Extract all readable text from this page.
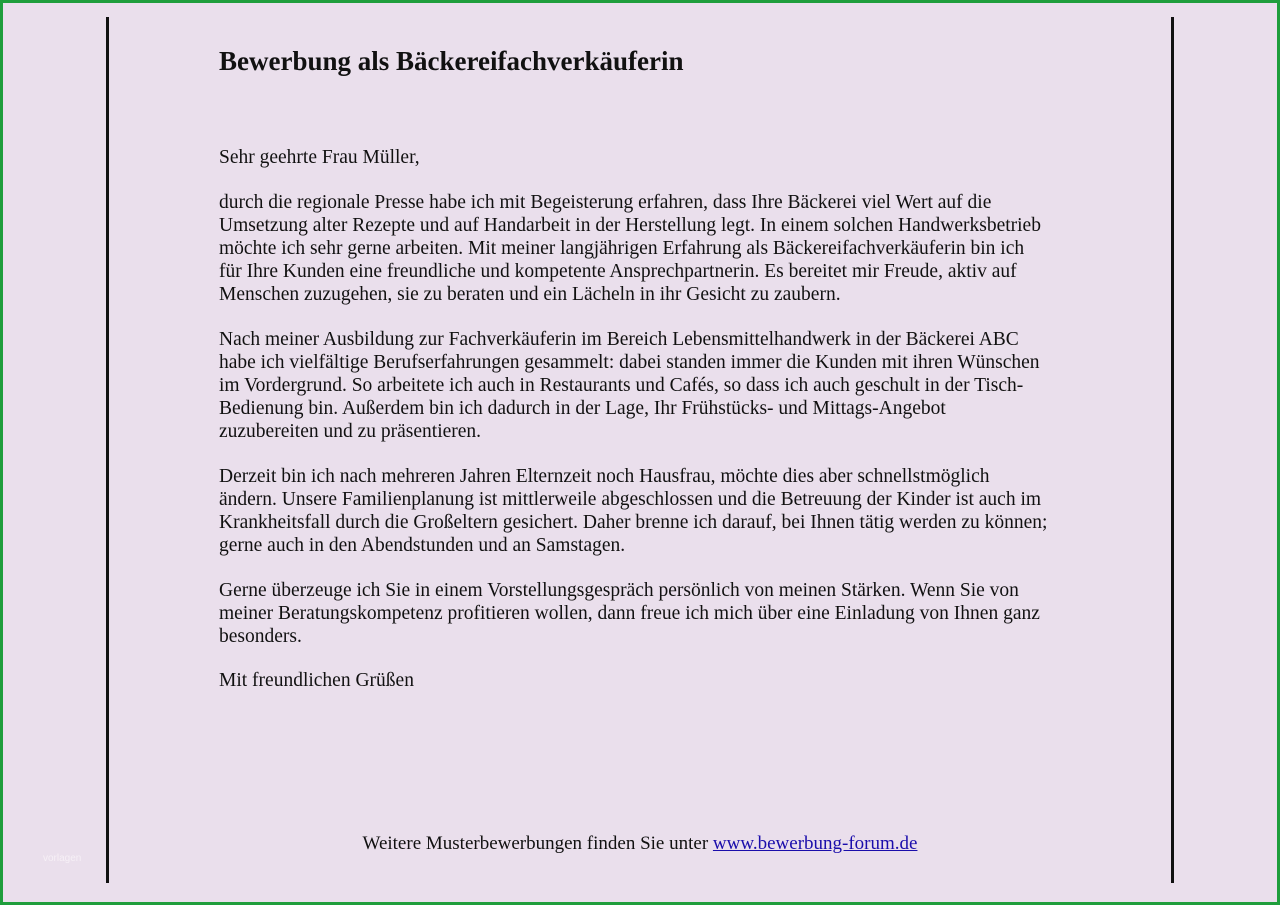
Bewerbung als Bäckereifachverkäuferin

Sehr geehrte Frau Müller,

durch die regionale Presse habe ich mit Begeisterung erfahren, dass Ihre Bäckerei viel Wert auf die
Umsetzung alter Rezepte und auf Handarbeit in der Herstellung legt. In einem solchen Handwerksbetrieb
möchte ich sehr gerne arbeiten. Mit meiner langjährigen Erfahrung als Bäckereifachverkäuferin bin ich
für Ihre Kunden eine freundliche und kompetente Ansprechpartnerin. Es bereitet mir Freude, aktiv auf
Menschen zuzugehen, sie zu beraten und ein Lächeln in ihr Gesicht zu zaubern.

Nach meiner Ausbildung zur Fachverkäuferin im Bereich Lebensmittelhandwerk in der Bäckerei ABC
habe ich vielfältige Berufserfahrungen gesammelt: dabei standen immer die Kunden mit ihren Wünschen
im Vordergrund. So arbeitete ich auch in Restaurants und Cafés, so dass ich auch geschult in der Tisch-
Bedienung bin. Außerdem bin ich dadurch in der Lage, Ihr Frühstücks- und Mittags-Angebot
zuzubereiten und zu präsentieren.

Derzeit bin ich nach mehreren Jahren Elternzeit noch Hausfrau, möchte dies aber schnellstmöglich
ändern. Unsere Familienplanung ist mittlerweile abgeschlossen und die Betreuung der Kinder ist auch im
Krankheitsfall durch die Großeltern gesichert. Daher brenne ich darauf, bei Ihnen tätig werden zu können;
gerne auch in den Abendstunden und an Samstagen.

Gerne überzeuge ich Sie in einem Vorstellungsgespräch persönlich von meinen Stärken. Wenn Sie von
meiner Beratungskompetenz profitieren wollen, dann freue ich mich über eine Einladung von Ihnen ganz
besonders.

Mit freundlichen Grüßen

Weitere Musterbewerbungen finden Sie unter www.bewerbung-forum.de
vorlagen
